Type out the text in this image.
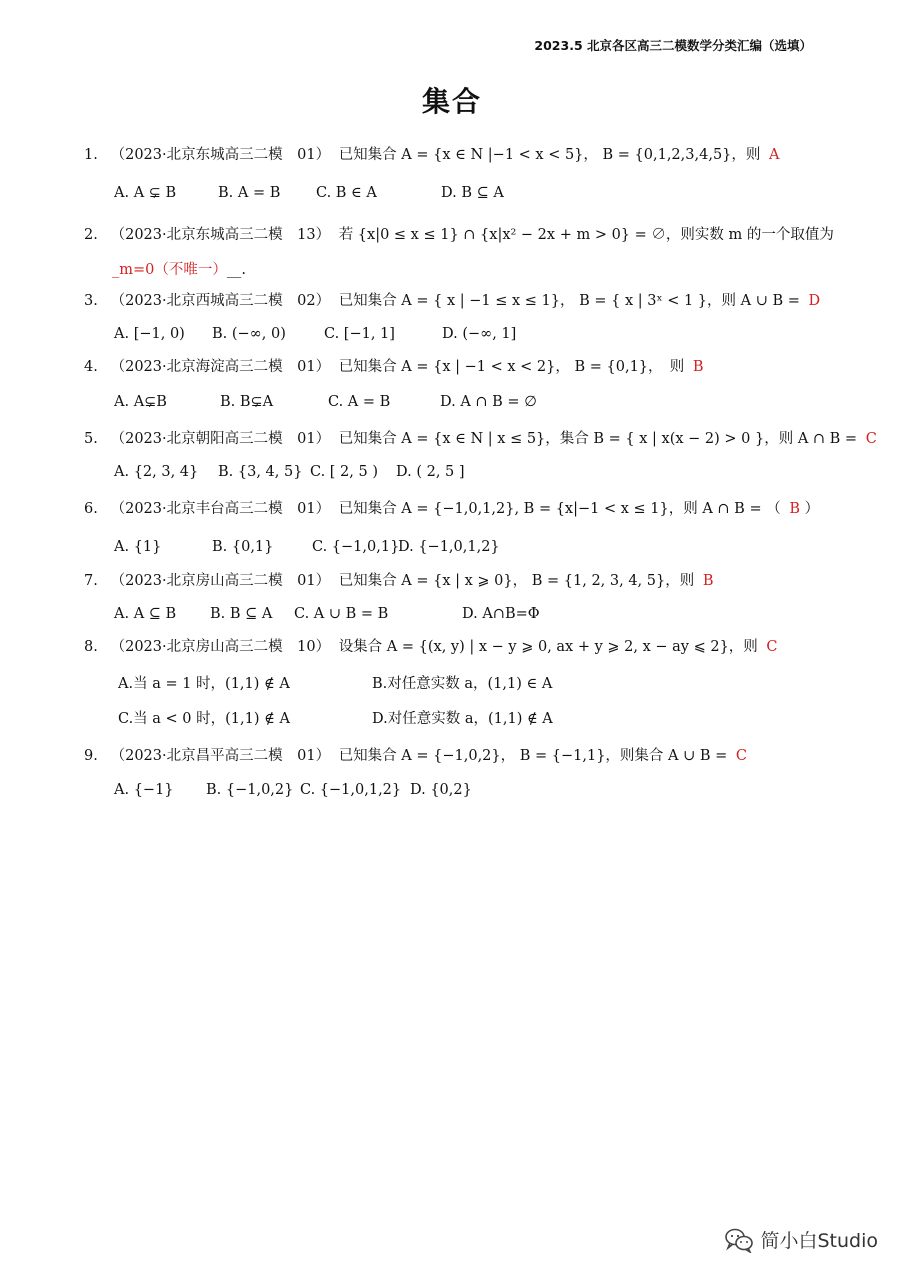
2023.5 北京各区高三二模数学分类汇编（选填）
集合
1. （2023·北京东城高三二模　01） 已知集合 A = {x ∈ N |−1 < x < 5}， B = {0,1,2,3,4,5}，则 A
A. A ⊊ B	B. A = B C. B ∈ A	D. B ⊆ A
2. （2023·北京东城高三二模　13） 若 {x|0 ≤ x ≤ 1} ∩ {x|x² − 2x + m > 0} = ∅，则实数 m 的一个取值为
_m=0（不唯一）__.
3. （2023·北京西城高三二模　02） 已知集合 A = { x | −1 ≤ x ≤ 1}， B = { x | 3ˣ < 1 }，则 A ∪ B = D
A. [−1, 0) B. (−∞, 0)	C. [−1, 1]	D. (−∞, 1]
4. （2023·北京海淀高三二模　01） 已知集合 A = {x | −1 < x < 2}， B = {0,1}，　则 B
A. A⊊B	B. B⊊A	C. A = B	D. A ∩ B = ∅
5. （2023·北京朝阳高三二模　01） 已知集合 A = {x ∈ N | x ≤ 5}，集合 B = { x | x(x − 2) > 0 }，则 A ∩ B = C
A. {2, 3, 4} B. {3, 4, 5} C. [ 2, 5 ) D. ( 2, 5 ]
6. （2023·北京丰台高三二模　01） 已知集合 A = {−1,0,1,2}, B = {x|−1 < x ≤ 1}，则 A ∩ B = （ B ）
A. {1}	B. {0,1}	C. {−1,0,1}
D. {−1,0,1,2}
7. （2023·北京房山高三二模　01） 已知集合 A = {x | x ⩾ 0}， B = {1, 2, 3, 4, 5}，则 B
A. A ⊆ B B. B ⊆ A C. A ∪ B = B	D. A∩B=Φ
8. （2023·北京房山高三二模　10） 设集合 A = {(x, y) | x − y ⩾ 0, ax + y ⩾ 2, x − ay ⩽ 2}，则 C
A.当 a = 1 时，(1,1) ∉ A	B.对任意实数 a，(1,1) ∈ A
C.当 a < 0 时，(1,1) ∉ A	D.对任意实数 a，(1,1) ∉ A
9. （2023·北京昌平高三二模　01） 已知集合 A = {−1,0,2}， B = {−1,1}，则集合 A ∪ B = C
A. {−1} B. {−1,0,2} C. {−1,0,1,2} D. {0,2}
简小白Studio
